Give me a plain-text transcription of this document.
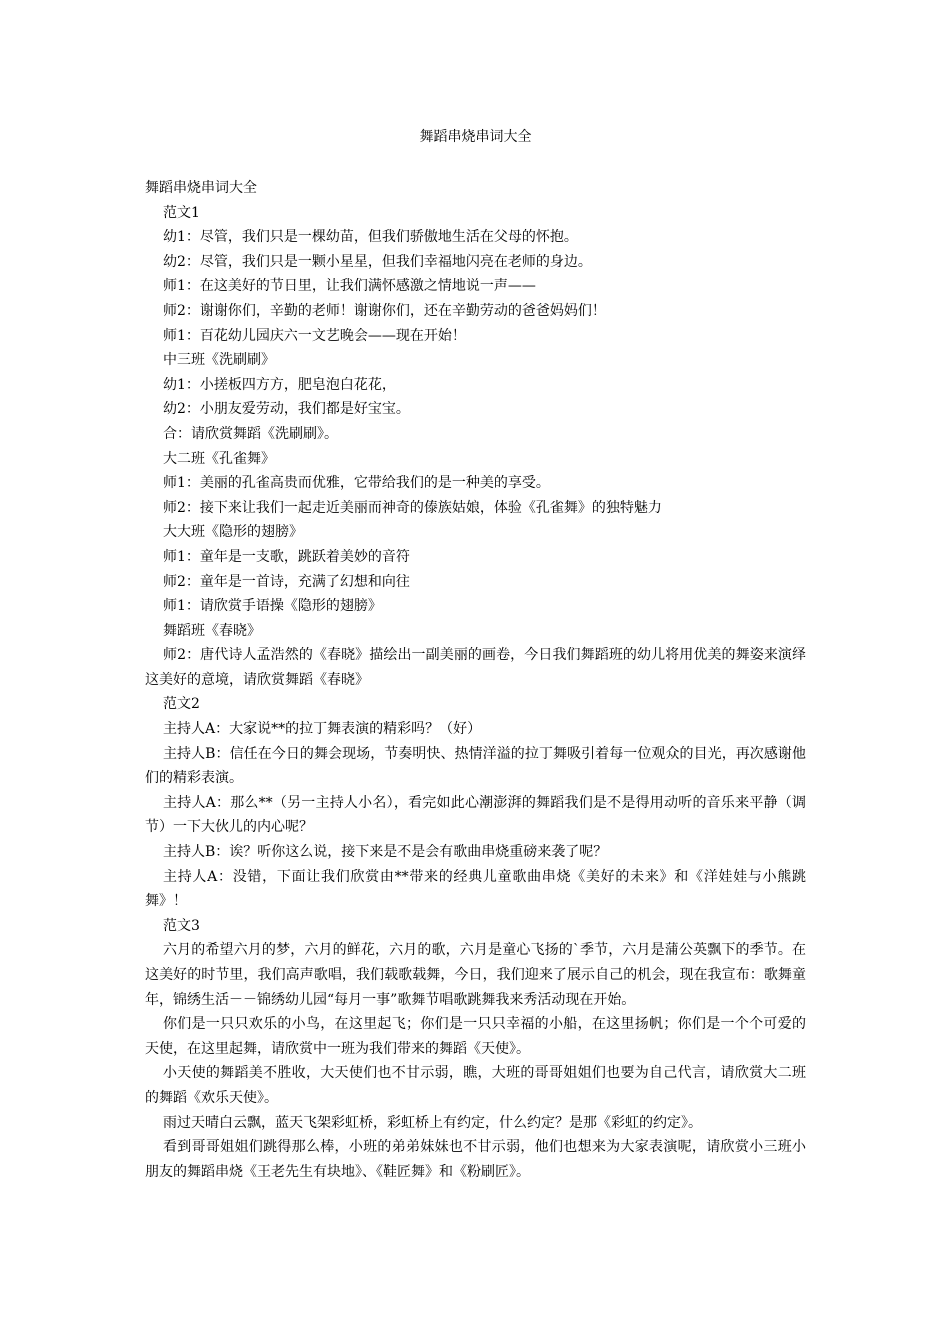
舞蹈串烧串词大全
舞蹈串烧串词大全
范文1
幼1：尽管，我们只是一棵幼苗，但我们骄傲地生活在父母的怀抱。
幼2：尽管，我们只是一颗小星星，但我们幸福地闪亮在老师的身边。
师1：在这美好的节日里，让我们满怀感激之情地说一声——
师2：谢谢你们，辛勤的老师！谢谢你们，还在辛勤劳动的爸爸妈妈们！
师1：百花幼儿园庆六一文艺晚会——现在开始！
中三班《洗刷刷》
幼1：小搓板四方方，肥皂泡白花花，
幼2：小朋友爱劳动，我们都是好宝宝。
合：请欣赏舞蹈《洗刷刷》。
大二班《孔雀舞》
师1：美丽的孔雀高贵而优雅，它带给我们的是一种美的享受。
师2：接下来让我们一起走近美丽而神奇的傣族姑娘，体验《孔雀舞》的独特魅力
大大班《隐形的翅膀》
师1：童年是一支歌，跳跃着美妙的音符
师2：童年是一首诗，充满了幻想和向往
师1：请欣赏手语操《隐形的翅膀》
舞蹈班《春晓》
师2：唐代诗人孟浩然的《春晓》描绘出一副美丽的画卷，今日我们舞蹈班的幼儿将用优美的舞姿来演绎这美好的意境，请欣赏舞蹈《春晓》
范文2
主持人A：大家说**的拉丁舞表演的精彩吗？（好）
主持人B：信任在今日的舞会现场，节奏明快、热情洋溢的拉丁舞吸引着每一位观众的目光，再次感谢他们的精彩表演。
主持人A：那么**（另一主持人小名），看完如此心潮澎湃的舞蹈我们是不是得用动听的音乐来平静（调节）一下大伙儿的内心呢？
主持人B：诶？听你这么说，接下来是不是会有歌曲串烧重磅来袭了呢？
主持人A：没错，下面让我们欣赏由**带来的经典儿童歌曲串烧《美好的未来》和《洋娃娃与小熊跳舞》！
范文3
六月的希望六月的梦，六月的鲜花，六月的歌，六月是童心飞扬的`季节，六月是蒲公英飘下的季节。在这美好的时节里，我们高声歌唱，我们载歌载舞，今日，我们迎来了展示自己的机会，现在我宣布：歌舞童年，锦绣生活－－锦绣幼儿园“每月一事”歌舞节唱歌跳舞我来秀活动现在开始。
你们是一只只欢乐的小鸟，在这里起飞；你们是一只只幸福的小船，在这里扬帆；你们是一个个可爱的天使，在这里起舞，请欣赏中一班为我们带来的舞蹈《天使》。
小天使的舞蹈美不胜收，大天使们也不甘示弱，瞧，大班的哥哥姐姐们也要为自己代言，请欣赏大二班的舞蹈《欢乐天使》。
雨过天晴白云飘，蓝天飞架彩虹桥，彩虹桥上有约定，什么约定？是那《彩虹的约定》。
看到哥哥姐姐们跳得那么棒，小班的弟弟妹妹也不甘示弱，他们也想来为大家表演呢，请欣赏小三班小朋友的舞蹈串烧《王老先生有块地》、《鞋匠舞》和《粉刷匠》。
